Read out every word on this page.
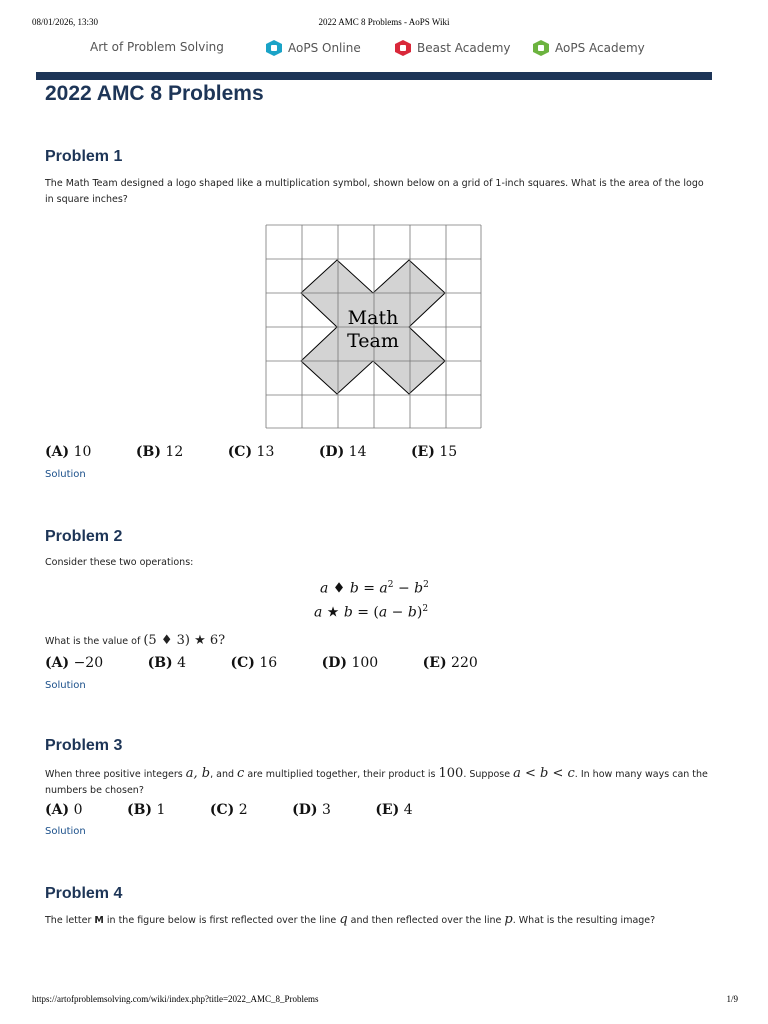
08/01/2026, 13:30	2022 AMC 8 Problems - AoPS Wiki
Art of Problem Solving	AoPS Online	Beast Academy	AoPS Academy
2022 AMC 8 Problems
Problem 1
The Math Team designed a logo shaped like a multiplication symbol, shown below on a grid of 1-inch squares. What is the area of the logo in square inches?
Math
Team
(A) 10	(B) 12	(C) 13	(D) 14	(E) 15
Solution
Problem 2
Consider these two operations:
a ♦ $b = a^2 - b^2$
a ★ $b = (a - b)^2$
What is the value of (5 ♦ 3) ★ 6?
(A) −20	(B) 4	(C) 16	(D) 100	(E) 220
Solution
Problem 3
When three positive integers a, b, and c are multiplied together, their product is 100. Suppose a < b < c. In how many ways can the numbers be chosen?
(A) 0	(B) 1	(C) 2	(D) 3	(E) 4
Solution
Problem 4
The letter M in the figure below is first reflected over the line q and then reflected over the line p. What is the resulting image?
https://artofproblemsolving.com/wiki/index.php?title=2022_AMC_8_Problems	1/9
